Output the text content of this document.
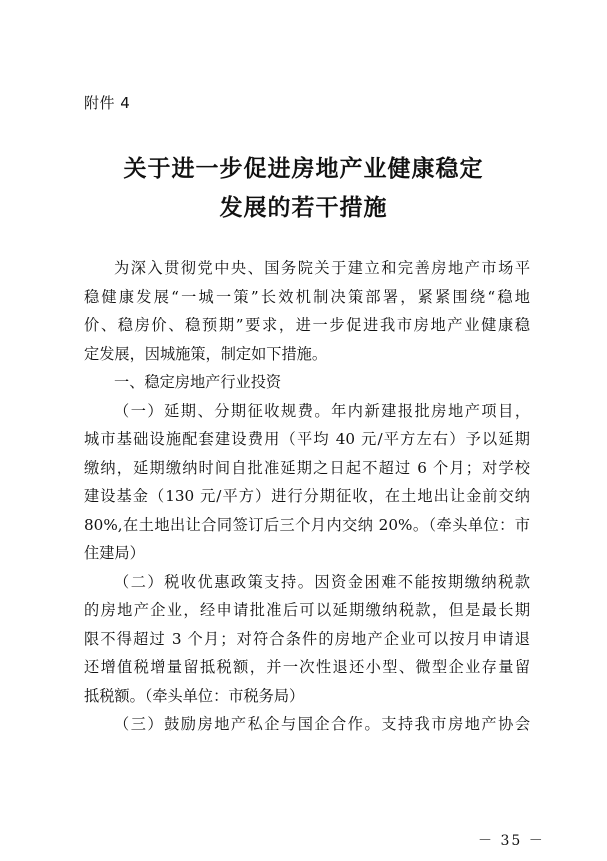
附件 4
关于进一步促进房地产业健康稳定
发展的若干措施

为深入贯彻党中央、国务院关于建立和完善房地产市场平

稳健康发展“一城一策”长效机制决策部署，紧紧围绕“稳地

价、稳房价、稳预期”要求，进一步促进我市房地产业健康稳

定发展，因城施策，制定如下措施。

一、稳定房地产行业投资

（一）延期、分期征收规费。年内新建报批房地产项目，

城市基础设施配套建设费用（平均 40 元/平方左右）予以延期

缴纳，延期缴纳时间自批准延期之日起不超过 6 个月；对学校

建设基金（130 元/平方）进行分期征收，在土地出让金前交纳

80%,在土地出让合同签订后三个月内交纳 20%。（牵头单位：市

住建局）

（二）税收优惠政策支持。因资金困难不能按期缴纳税款

的房地产企业，经申请批准后可以延期缴纳税款，但是最长期

限不得超过 3 个月；对符合条件的房地产企业可以按月申请退

还增值税增量留抵税额，并一次性退还小型、微型企业存量留

抵税额。（牵头单位：市税务局）

（三）鼓励房地产私企与国企合作。支持我市房地产协会

－ 35 －
